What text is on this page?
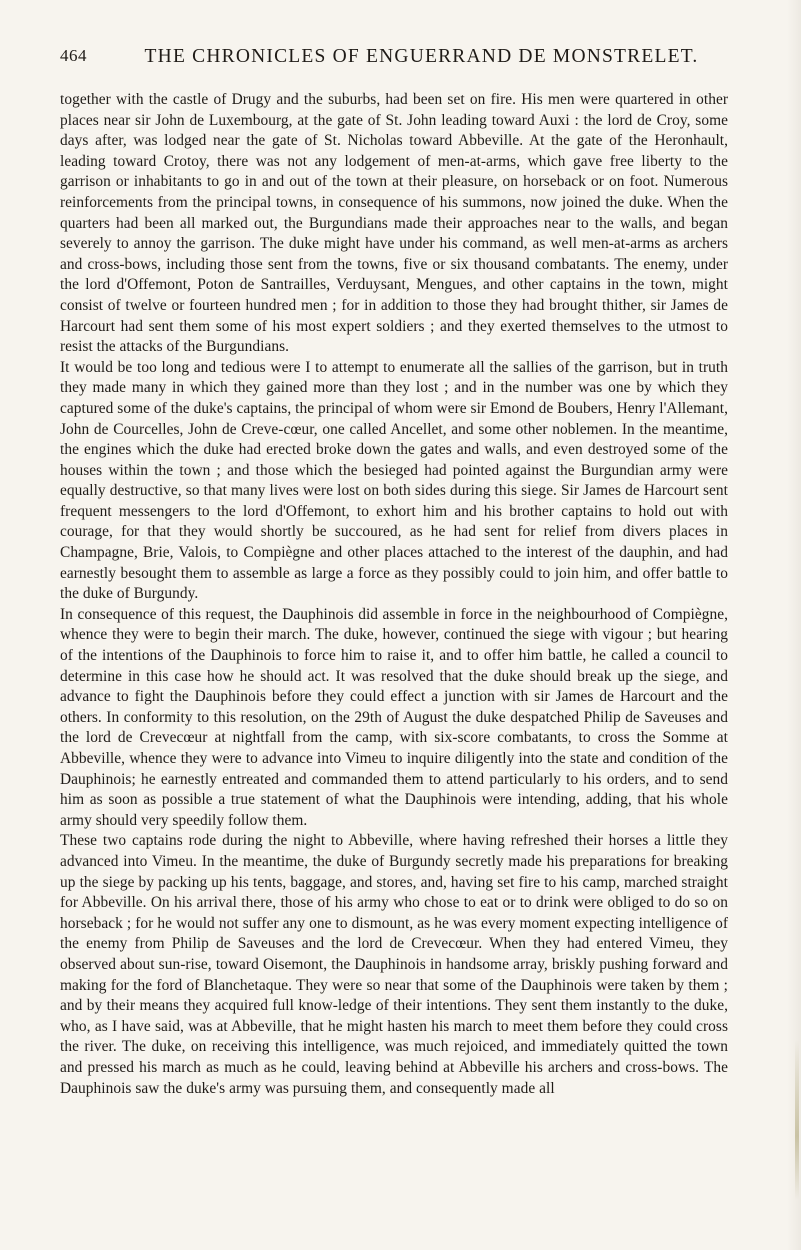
464	THE CHRONICLES OF ENGUERRAND DE MONSTRELET.

together with the castle of Drugy and the suburbs, had been set on fire. His men were quartered in other places near sir John de Luxembourg, at the gate of St. John leading toward Auxi : the lord de Croy, some days after, was lodged near the gate of St. Nicholas toward Abbeville. At the gate of the Heronhault, leading toward Crotoy, there was not any lodgement of men-at-arms, which gave free liberty to the garrison or inhabitants to go in and out of the town at their pleasure, on horseback or on foot. Numerous reinforcements from the principal towns, in consequence of his summons, now joined the duke. When the quarters had been all marked out, the Burgundians made their approaches near to the walls, and began severely to annoy the garrison. The duke might have under his command, as well men-at-arms as archers and cross-bows, including those sent from the towns, five or six thousand combatants. The enemy, under the lord d'Offemont, Poton de Santrailles, Verduysant, Mengues, and other captains in the town, might consist of twelve or fourteen hundred men ; for in addition to those they had brought thither, sir James de Harcourt had sent them some of his most expert soldiers ; and they exerted themselves to the utmost to resist the attacks of the Burgundians.

It would be too long and tedious were I to attempt to enumerate all the sallies of the garrison, but in truth they made many in which they gained more than they lost ; and in the number was one by which they captured some of the duke's captains, the principal of whom were sir Emond de Boubers, Henry l'Allemant, John de Courcelles, John de Creve-cœur, one called Ancellet, and some other noblemen. In the meantime, the engines which the duke had erected broke down the gates and walls, and even destroyed some of the houses within the town ; and those which the besieged had pointed against the Burgundian army were equally destructive, so that many lives were lost on both sides during this siege. Sir James de Harcourt sent frequent messengers to the lord d'Offemont, to exhort him and his brother captains to hold out with courage, for that they would shortly be succoured, as he had sent for relief from divers places in Champagne, Brie, Valois, to Compiègne and other places attached to the interest of the dauphin, and had earnestly besought them to assemble as large a force as they possibly could to join him, and offer battle to the duke of Burgundy.

In consequence of this request, the Dauphinois did assemble in force in the neighbourhood of Compiègne, whence they were to begin their march. The duke, however, continued the siege with vigour ; but hearing of the intentions of the Dauphinois to force him to raise it, and to offer him battle, he called a council to determine in this case how he should act. It was resolved that the duke should break up the siege, and advance to fight the Dauphinois before they could effect a junction with sir James de Harcourt and the others. In conformity to this resolution, on the 29th of August the duke despatched Philip de Saveuses and the lord de Crevecœur at nightfall from the camp, with six-score combatants, to cross the Somme at Abbeville, whence they were to advance into Vimeu to inquire diligently into the state and condition of the Dauphinois; he earnestly entreated and commanded them to attend particularly to his orders, and to send him as soon as possible a true statement of what the Dauphinois were intending, adding, that his whole army should very speedily follow them.

These two captains rode during the night to Abbeville, where having refreshed their horses a little they advanced into Vimeu. In the meantime, the duke of Burgundy secretly made his preparations for breaking up the siege by packing up his tents, baggage, and stores, and, having set fire to his camp, marched straight for Abbeville. On his arrival there, those of his army who chose to eat or to drink were obliged to do so on horseback ; for he would not suffer any one to dismount, as he was every moment expecting intelligence of the enemy from Philip de Saveuses and the lord de Crevecœur. When they had entered Vimeu, they observed about sun-rise, toward Oisemont, the Dauphinois in handsome array, briskly pushing forward and making for the ford of Blanchetaque. They were so near that some of the Dauphinois were taken by them ; and by their means they acquired full know-ledge of their intentions. They sent them instantly to the duke, who, as I have said, was at Abbeville, that he might hasten his march to meet them before they could cross the river. The duke, on receiving this intelligence, was much rejoiced, and immediately quitted the town and pressed his march as much as he could, leaving behind at Abbeville his archers and cross-bows. The Dauphinois saw the duke's army was pursuing them, and consequently made all
